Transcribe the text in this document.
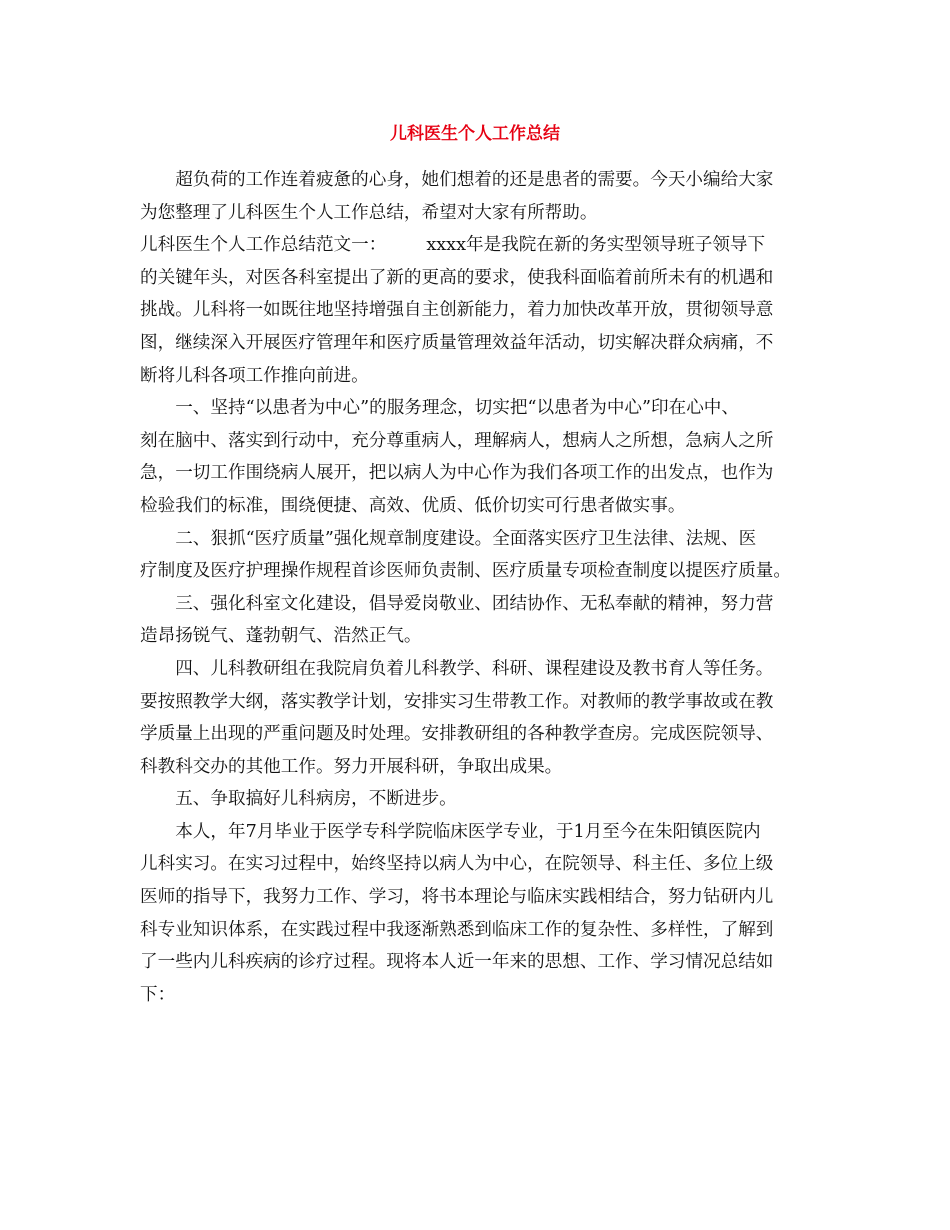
儿科医生个人工作总结

超负荷的工作连着疲惫的心身，她们想着的还是患者的需要。今天小编给大家
为您整理了儿科医生个人工作总结，希望对大家有所帮助。

儿科医生个人工作总结范文一： xxxx年是我院在新的务实型领导班子领导下
的关键年头，对医各科室提出了新的更高的要求，使我科面临着前所未有的机遇和
挑战。儿科将一如既往地坚持增强自主创新能力，着力加快改革开放，贯彻领导意
图，继续深入开展医疗管理年和医疗质量管理效益年活动，切实解决群众病痛，不
断将儿科各项工作推向前进。

一、坚持“以患者为中心”的服务理念，切实把“以患者为中心”印在心中、
刻在脑中、落实到行动中，充分尊重病人，理解病人，想病人之所想，急病人之所
急，一切工作围绕病人展开，把以病人为中心作为我们各项工作的出发点，也作为
检验我们的标准，围绕便捷、高效、优质、低价切实可行患者做实事。

二、狠抓“医疗质量”强化规章制度建设。全面落实医疗卫生法律、法规、医
疗制度及医疗护理操作规程首诊医师负责制、医疗质量专项检查制度以提医疗质量。

三、强化科室文化建设，倡导爱岗敬业、团结协作、无私奉献的精神，努力营
造昂扬锐气、蓬勃朝气、浩然正气。

四、儿科教研组在我院肩负着儿科教学、科研、课程建设及教书育人等任务。
要按照教学大纲，落实教学计划，安排实习生带教工作。对教师的教学事故或在教
学质量上出现的严重问题及时处理。安排教研组的各种教学查房。完成医院领导、
科教科交办的其他工作。努力开展科研，争取出成果。

五、争取搞好儿科病房，不断进步。

本人，年7月毕业于医学专科学院临床医学专业，于1月至今在朱阳镇医院内
儿科实习。在实习过程中，始终坚持以病人为中心，在院领导、科主任、多位上级
医师的指导下，我努力工作、学习，将书本理论与临床实践相结合，努力钻研内儿
科专业知识体系，在实践过程中我逐渐熟悉到临床工作的复杂性、多样性，了解到
了一些内儿科疾病的诊疗过程。现将本人近一年来的思想、工作、学习情况总结如
下：
